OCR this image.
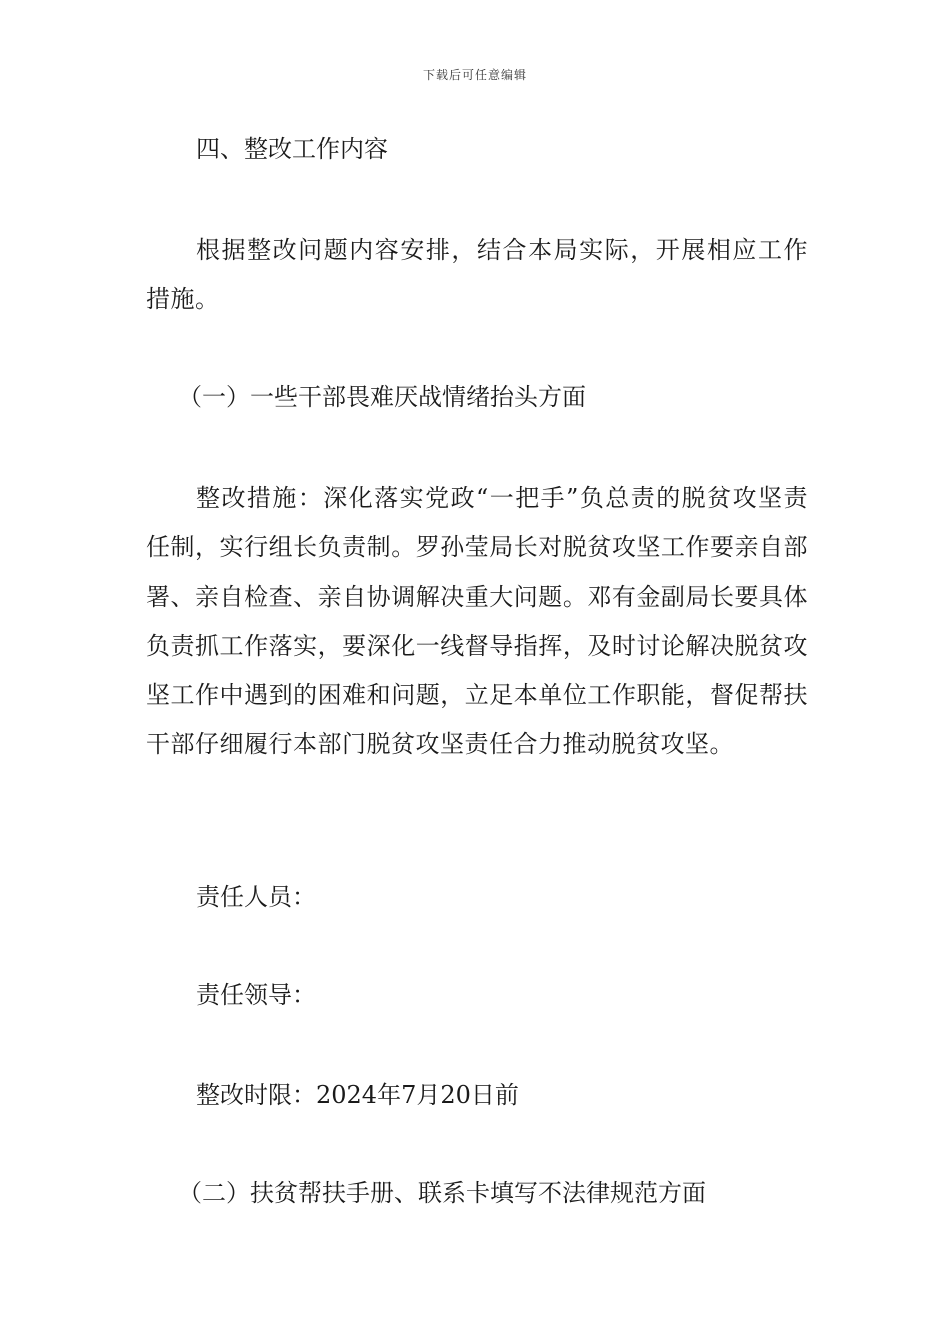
下载后可任意编辑
四、整改工作内容

根据整改问题内容安排，结合本局实际，开展相应工作措施。

（一）一些干部畏难厌战情绪抬头方面

整改措施：深化落实党政“一把手”负总责的脱贫攻坚责任制，实行组长负责制。罗孙莹局长对脱贫攻坚工作要亲自部署、亲自检查、亲自协调解决重大问题。邓有金副局长要具体负责抓工作落实，要深化一线督导指挥，及时讨论解决脱贫攻坚工作中遇到的困难和问题，立足本单位工作职能，督促帮扶干部仔细履行本部门脱贫攻坚责任合力推动脱贫攻坚。

责任人员：
责任领导：
整改时限：2024年7月20日前
（二）扶贫帮扶手册、联系卡填写不法律规范方面
